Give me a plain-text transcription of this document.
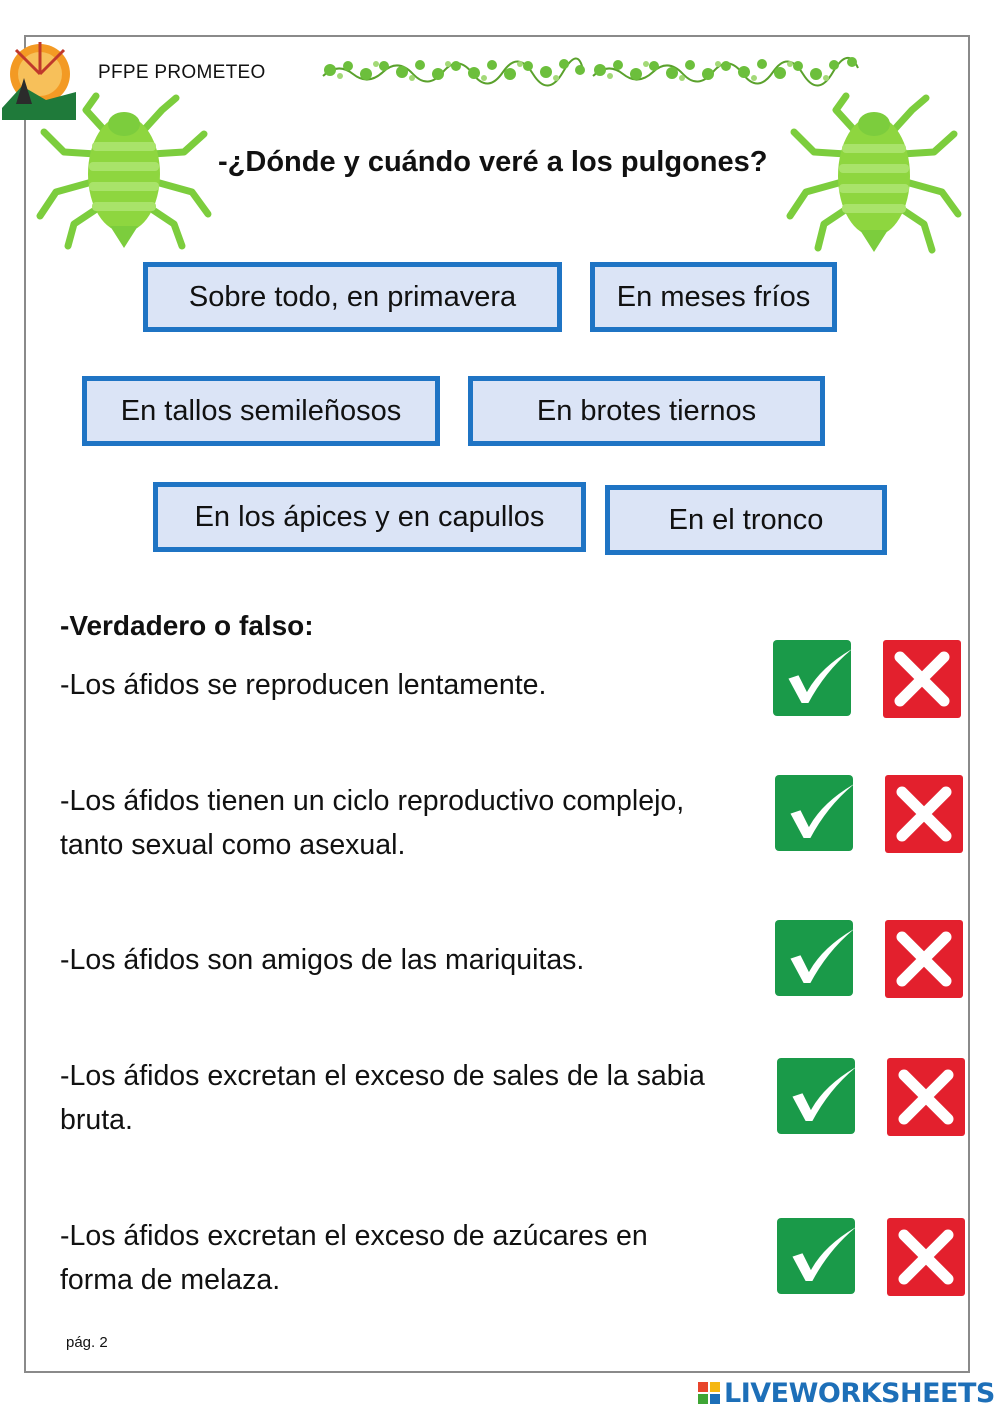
PFPE PROMETEO
-¿Dónde y cuándo veré a los pulgones?
Sobre todo, en primavera	En meses fríos
En tallos semileñosos	En brotes tiernos
En los ápices y en capullos	En el tronco
-Verdadero o falso:
-Los áfidos se reproducen lentamente.
-Los áfidos tienen un ciclo reproductivo complejo,
tanto sexual como asexual.
-Los áfidos son amigos de las mariquitas.
-Los áfidos excretan el exceso de sales de la sabia
bruta.
-Los áfidos excretan el exceso de azúcares en
forma de melaza.
pág. 2
LIVEWORKSHEETS
